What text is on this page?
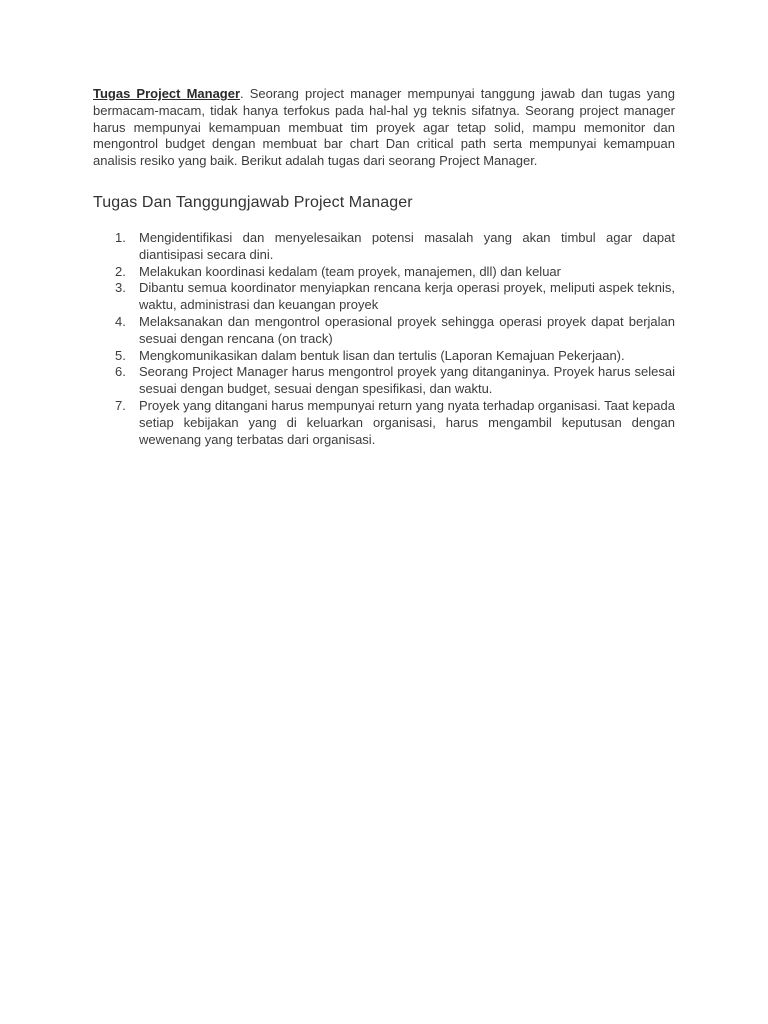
Tugas Project Manager. Seorang project manager mempunyai tanggung jawab dan tugas yang bermacam-macam, tidak hanya terfokus pada hal-hal yg teknis sifatnya. Seorang project manager harus mempunyai kemampuan membuat tim proyek agar tetap solid, mampu memonitor dan mengontrol budget dengan membuat bar chart Dan critical path serta mempunyai kemampuan analisis resiko yang baik. Berikut adalah tugas dari seorang Project Manager.

Tugas Dan Tanggungjawab Project Manager
1.	Mengidentifikasi dan menyelesaikan potensi masalah yang akan timbul agar dapat diantisipasi secara dini.
2.	Melakukan koordinasi kedalam (team proyek, manajemen, dll) dan keluar
3.	Dibantu semua koordinator menyiapkan rencana kerja operasi proyek, meliputi aspek teknis, waktu, administrasi dan keuangan proyek
4.	Melaksanakan dan mengontrol operasional proyek sehingga operasi proyek dapat berjalan sesuai dengan rencana (on track)
5.	Mengkomunikasikan dalam bentuk lisan dan tertulis (Laporan Kemajuan Pekerjaan).
6.	Seorang Project Manager harus mengontrol proyek yang ditanganinya. Proyek harus selesai sesuai dengan budget, sesuai dengan spesifikasi, dan waktu.
7.	Proyek yang ditangani harus mempunyai return yang nyata terhadap organisasi. Taat kepada setiap kebijakan yang di keluarkan organisasi, harus mengambil keputusan dengan wewenang yang terbatas dari organisasi.
